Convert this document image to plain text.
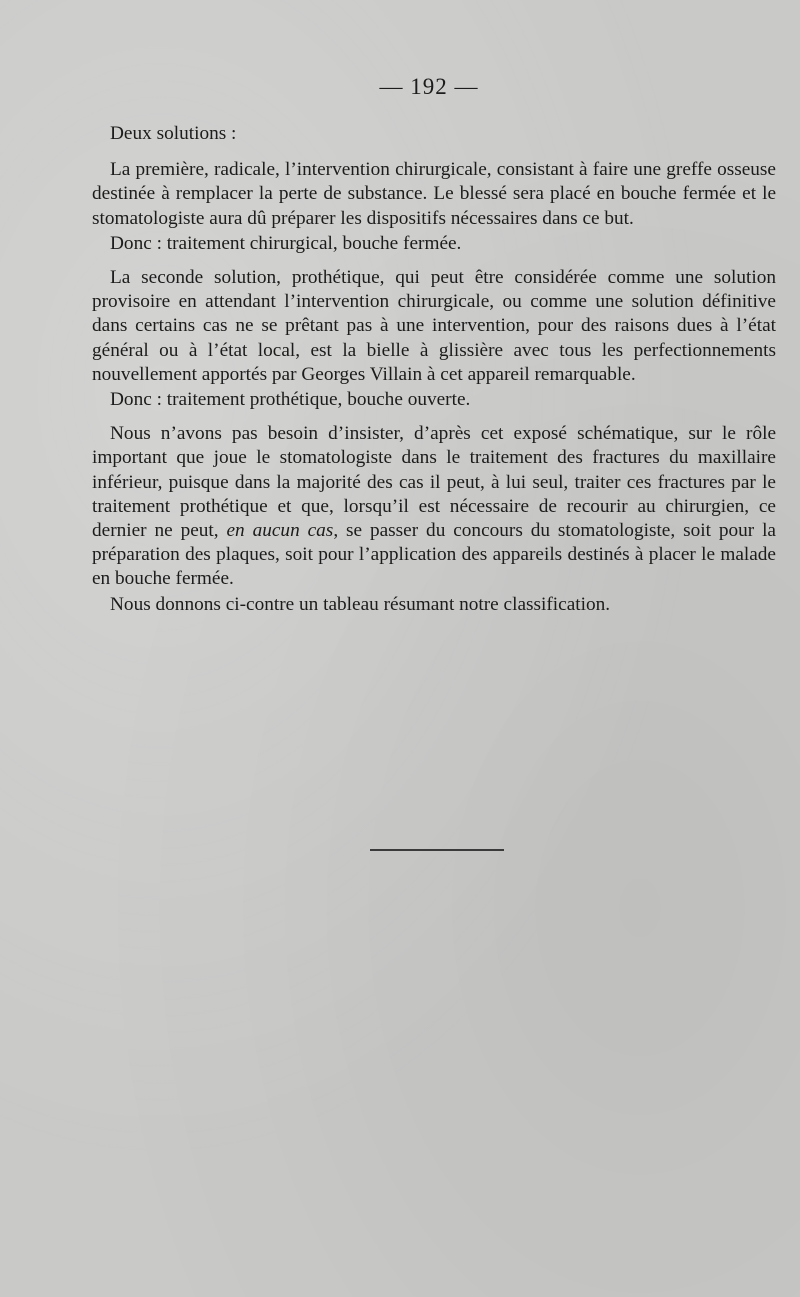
— 192 —

Deux solutions :

La première, radicale, l’intervention chirurgicale, consistant à faire une greffe osseuse destinée à remplacer la perte de substance. Le blessé sera placé en bouche fermée et le stomatologiste aura dû préparer les dispositifs nécessaires dans ce but.

Donc : traitement chirurgical, bouche fermée.

La seconde solution, prothétique, qui peut être considérée comme une solution provisoire en attendant l’intervention chirurgicale, ou comme une solution définitive dans certains cas ne se prêtant pas à une intervention, pour des raisons dues à l’état général ou à l’état local, est la bielle à glissière avec tous les perfectionnements nouvellement apportés par Georges Villain à cet appareil remarquable.

Donc : traitement prothétique, bouche ouverte.

Nous n’avons pas besoin d’insister, d’après cet exposé schématique, sur le rôle important que joue le stomatologiste dans le traitement des fractures du maxillaire inférieur, puisque dans la majorité des cas il peut, à lui seul, traiter ces fractures par le traitement prothétique et que, lorsqu’il est nécessaire de recourir au chirurgien, ce dernier ne peut, en aucun cas, se passer du concours du stomatologiste, soit pour la préparation des plaques, soit pour l’application des appareils destinés à placer le malade en bouche fermée.

Nous donnons ci-contre un tableau résumant notre classification.
